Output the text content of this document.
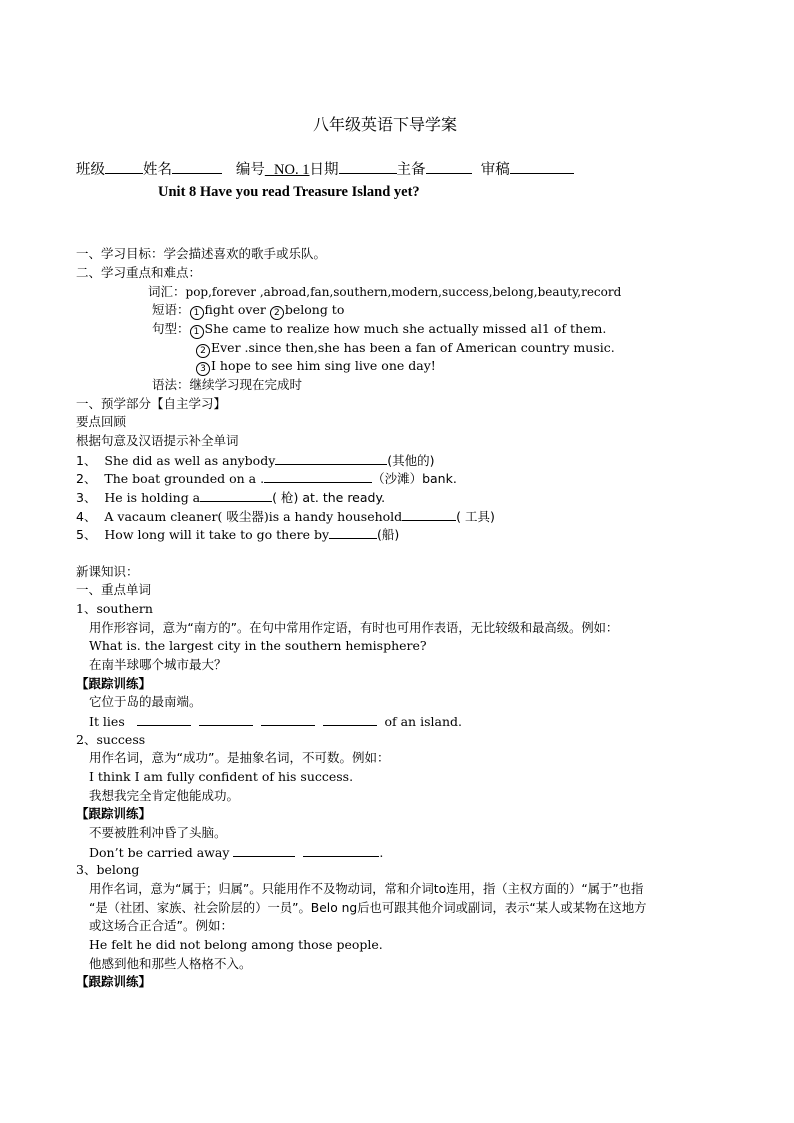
八年级英语下导学案
班级	姓名	编号 NO. 1日期	主备	审稿
Unit 8 Have you read Treasure Island yet?
一、学习目标：学会描述喜欢的歌手或乐队。
二、学习重点和难点：
词汇：pop,forever ,abroad,fan,southern,modern,success,belong,beauty,record
短语： 1 fight over 2 belong to
句型： 1 She came to realize how much she actually missed al1 of them.
2 Ever .since then,she has been a fan of American country music.
3 I hope to see him sing live one day!
语法：继续学习现在完成时
一、预学部分【自主学习】
要点回顾
根据句意及汉语提示补全单词
1、 She did as well as anybody	(其他的)
2、 The boat grounded on a .	（沙滩）bank.
3、 He is holding a	( 枪) at. the ready.
4、 A vacaum cleaner( 吸尘器)is a handy household	( 工具)
5、 How long will it take to go there by	(船)
新课知识：
一、重点单词
1、southern
用作形容词，意为“南方的”。在句中常用作定语，有时也可用作表语，无比较级和最高级。例如：
What is. the largest city in the southern hemisphere?
在南半球哪个城市最大？
【跟踪训练】
它位于岛的最南端。
It lies	of an island.
2、success
用作名词，意为“成功”。是抽象名词，不可数。例如：
I think I am fully confident of his success.
我想我完全肯定他能成功。
【跟踪训练】
不要被胜利冲昏了头脑。
Don’t be carried away	.
3、belong
用作名词，意为“属于；归属”。只能用作不及物动词，常和介词to连用，指（主权方面的）“属于”也指
“是（社团、家族、社会阶层的）一员”。Belo ng后也可跟其他介词或副词，表示“某人或某物在这地方
或这场合正合适”。例如：
He felt he did not belong among those people.
他感到他和那些人格格不入。
【跟踪训练】
